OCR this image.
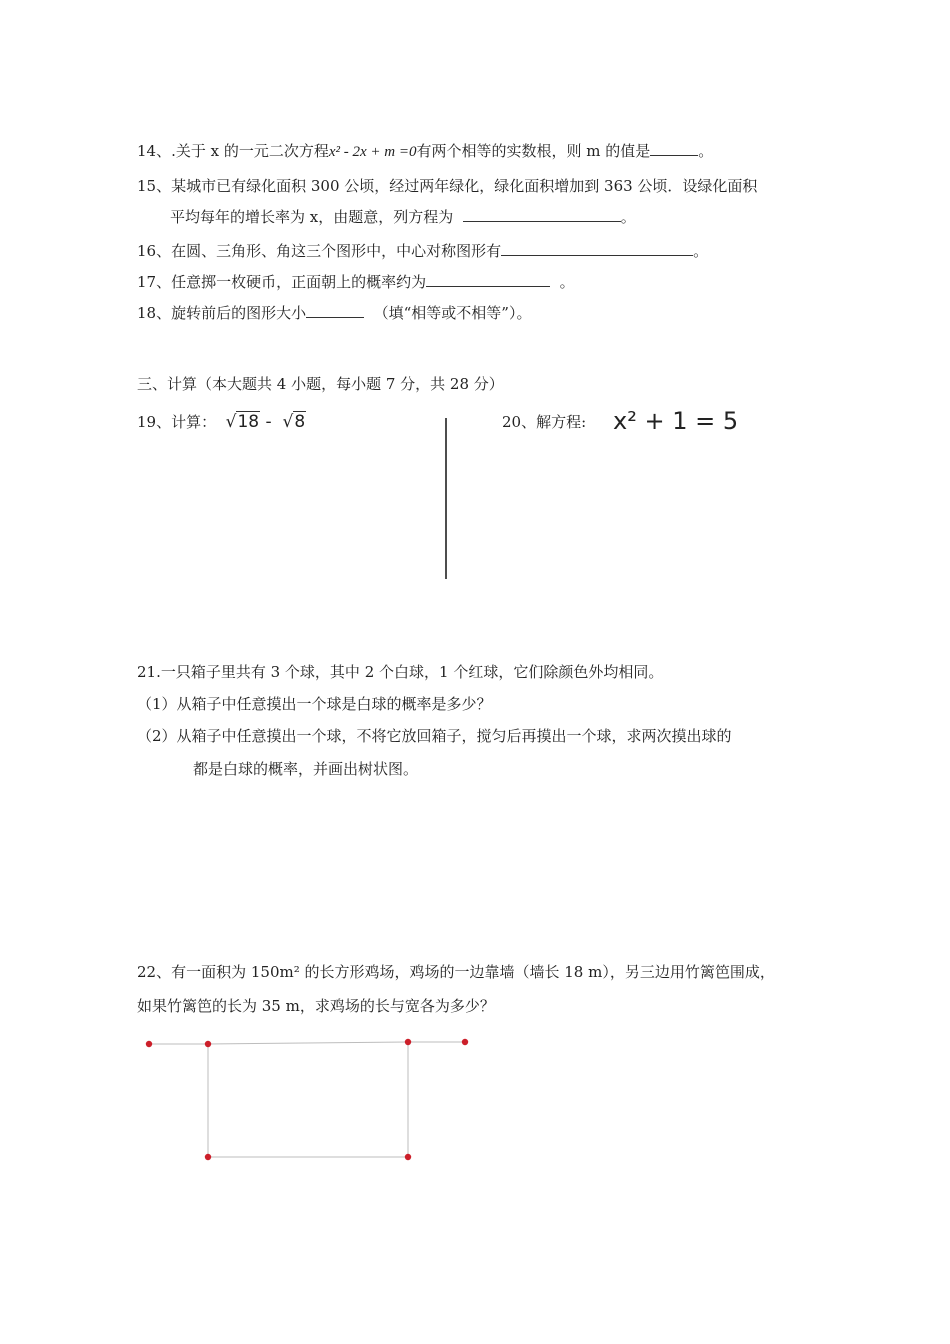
14、.关于 x 的一元二次方程x² - 2x + m =0有两个相等的实数根，则 m 的值是	。
15、某城市已有绿化面积 300 公顷，经过两年绿化，绿化面积增加到 363 公顷．设绿化面积
平均每年的增长率为 x，由题意，列方程为	。
16、在圆、三角形、角这三个图形中，中心对称图形有	。
17、任意掷一枚硬币，正面朝上的概率约为	。
18、旋转前后的图形大小	（填“相等或不相等”）。
三、计算（本大题共 4 小题，每小题 7 分，共 28 分）
19、计算： √18 -  √8	20、解方程: x² + 1 = 5
21.一只箱子里共有 3 个球，其中 2 个白球，1 个红球，它们除颜色外均相同。
（1）从箱子中任意摸出一个球是白球的概率是多少？
（2）从箱子中任意摸出一个球，不将它放回箱子，搅匀后再摸出一个球，求两次摸出球的
都是白球的概率，并画出树状图。
22、有一面积为 150m² 的长方形鸡场，鸡场的一边靠墙（墙长 18 m），另三边用竹篱笆围成，
如果竹篱笆的长为 35 m，求鸡场的长与宽各为多少？
